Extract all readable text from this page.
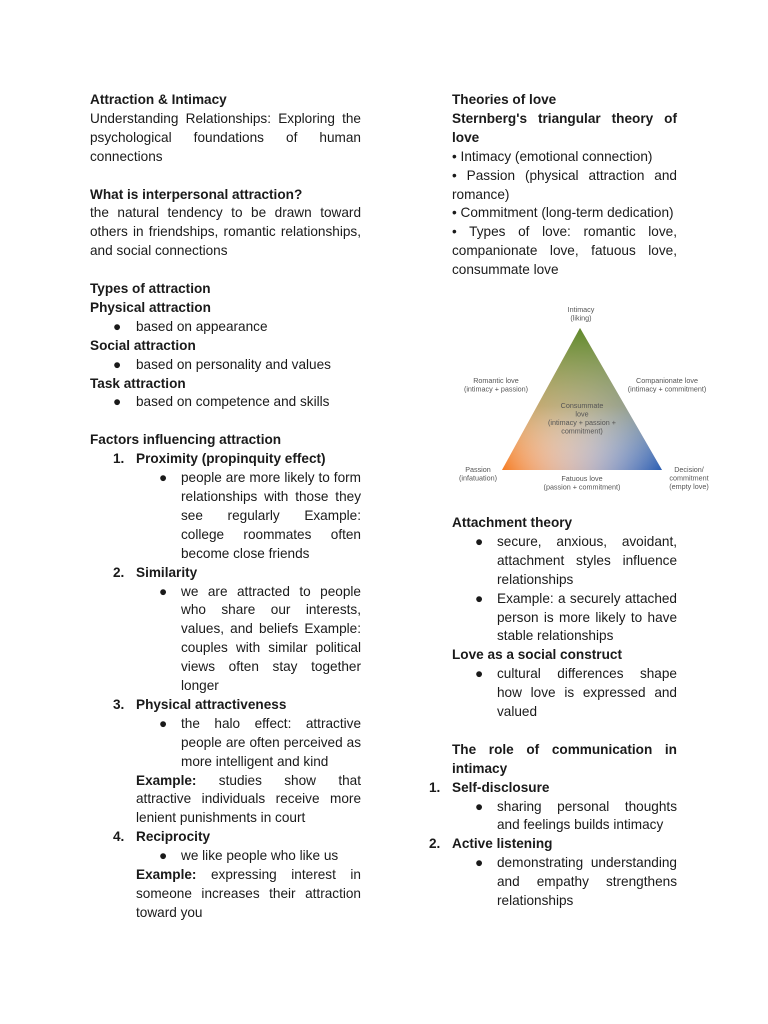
Attraction & Intimacy
Understanding Relationships: Exploring the psychological foundations of human connections
What is interpersonal attraction?
the natural tendency to be drawn toward others in friendships, romantic relationships, and social connections
Types of attraction
Physical attraction
● based on appearance
Social attraction
● based on personality and values
Task attraction
● based on competence and skills
Factors influencing attraction
1. Proximity (propinquity effect)
● people are more likely to form relationships with those they see regularly Example: college roommates often become close friends
2. Similarity
● we are attracted to people who share our interests, values, and beliefs Example: couples with similar political views often stay together longer
3. Physical attractiveness
● the halo effect: attractive people are often perceived as more intelligent and kind
Example: studies show that attractive individuals receive more lenient punishments in court
4. Reciprocity
● we like people who like us
Example: expressing interest in someone increases their attraction toward you
Theories of love
Sternberg's triangular theory of love
• Intimacy (emotional connection)
• Passion (physical attraction and romance)
• Commitment (long-term dedication)
• Types of love: romantic love, companionate love, fatuous love, consummate love
Intimacy (liking)
Romantic love (intimacy + passion)
Companionate love (intimacy + commitment)
Consummate love (intimacy + passion + commitment)
Passion (infatuation)	Fatuous love (passion + commitment)
Decision/ commitment (empty love)
Attachment theory
● secure, anxious, avoidant, attachment styles influence relationships
● Example: a securely attached person is more likely to have stable relationships
Love as a social construct
● cultural differences shape how love is expressed and valued
The role of communication in intimacy
1. Self-disclosure
● sharing personal thoughts and feelings builds intimacy
2. Active listening
● demonstrating understanding and empathy strengthens relationships
